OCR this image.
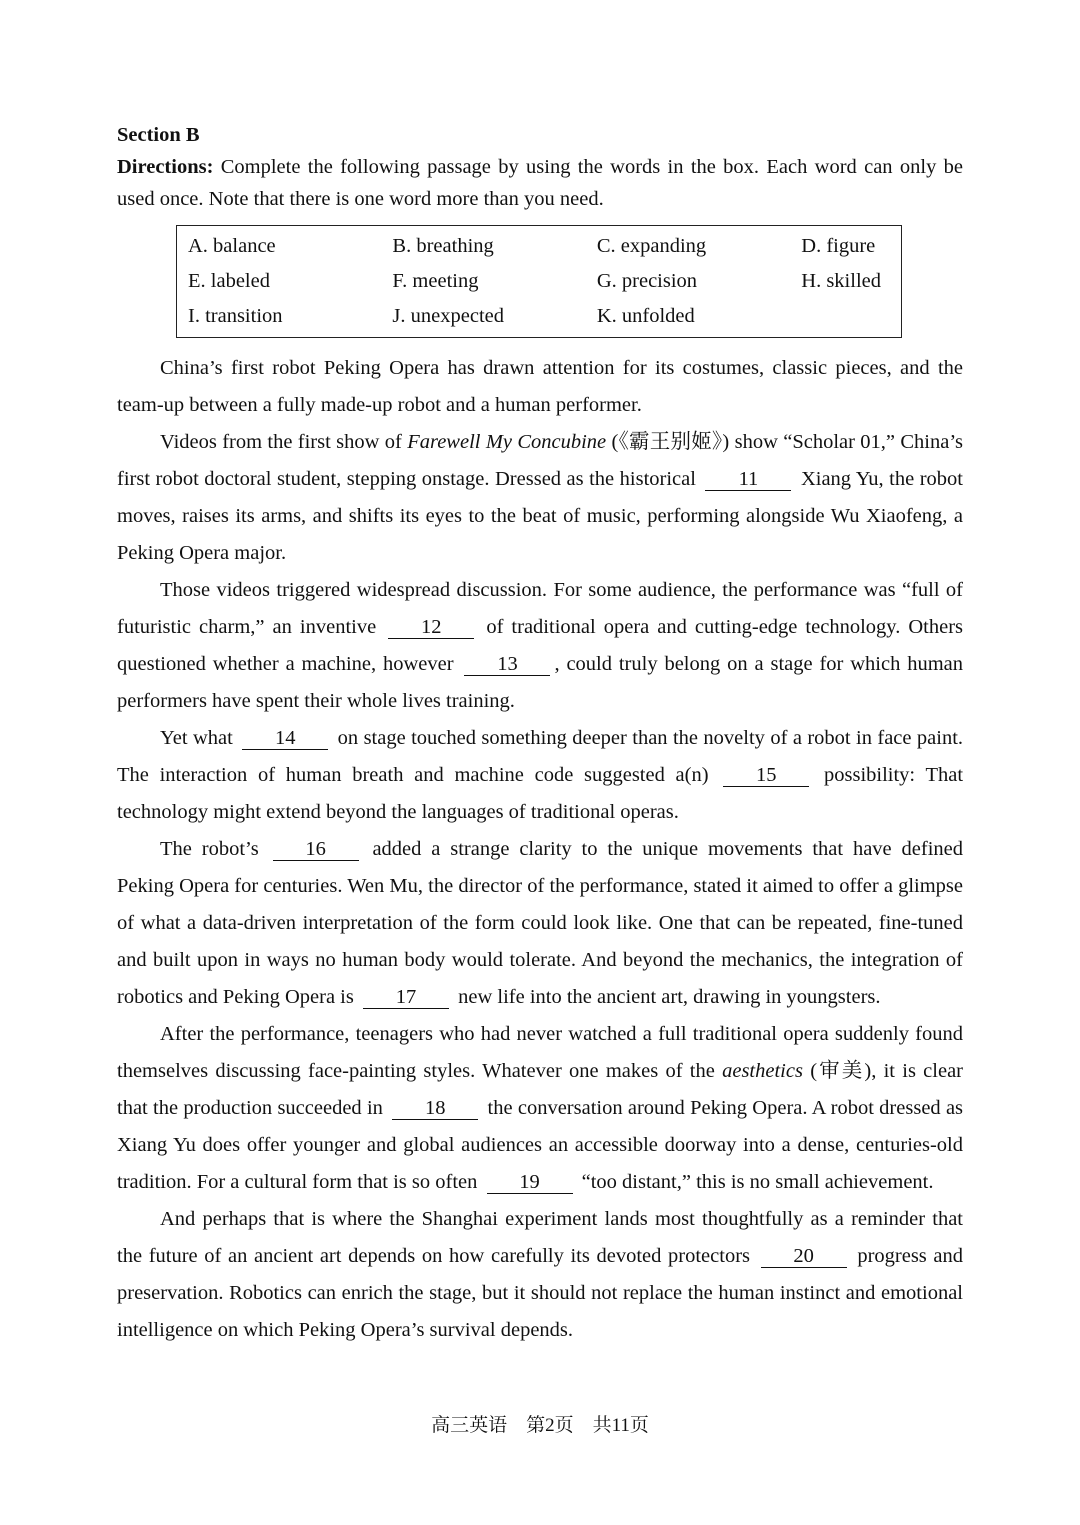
Section B
Directions: Complete the following passage by using the words in the box. Each word can only be used once. Note that there is one word more than you need.
A. balance	B. breathing	C. expanding	D. figure
E. labeled	F. meeting	G. precision	H. skilled
I. transition	J. unexpected	K. unfolded

China’s first robot Peking Opera has drawn attention for its costumes, classic pieces, and the team-up between a fully made-up robot and a human performer.

Videos from the first show of Farewell My Concubine (《霸王别姬》) show “Scholar 01,” China’s first robot doctoral student, stepping onstage. Dressed as the historical 11 Xiang Yu, the robot moves, raises its arms, and shifts its eyes to the beat of music, performing alongside Wu Xiaofeng, a Peking Opera major.

Those videos triggered widespread discussion. For some audience, the performance was “full of futuristic charm,” an inventive 12 of traditional opera and cutting-edge technology. Others questioned whether a machine, however 13 , could truly belong on a stage for which human performers have spent their whole lives training.

Yet what 14 on stage touched something deeper than the novelty of a robot in face paint. The interaction of human breath and machine code suggested a(n) 15 possibility: That technology might extend beyond the languages of traditional operas.

The robot’s 16 added a strange clarity to the unique movements that have defined Peking Opera for centuries. Wen Mu, the director of the performance, stated it aimed to offer a glimpse of what a data-driven interpretation of the form could look like. One that can be repeated, fine-tuned and built upon in ways no human body would tolerate. And beyond the mechanics, the integration of robotics and Peking Opera is 17 new life into the ancient art, drawing in youngsters.

After the performance, teenagers who had never watched a full traditional opera suddenly found themselves discussing face-painting styles. Whatever one makes of the aesthetics (审美), it is clear that the production succeeded in 18 the conversation around Peking Opera. A robot dressed as Xiang Yu does offer younger and global audiences an accessible doorway into a dense, centuries-old tradition. For a cultural form that is so often 19 “too distant,” this is no small achievement.

And perhaps that is where the Shanghai experiment lands most thoughtfully as a reminder that the future of an ancient art depends on how carefully its devoted protectors 20 progress and preservation. Robotics can enrich the stage, but it should not replace the human instinct and emotional intelligence on which Peking Opera’s survival depends.

高三英语　第2页　共11页
